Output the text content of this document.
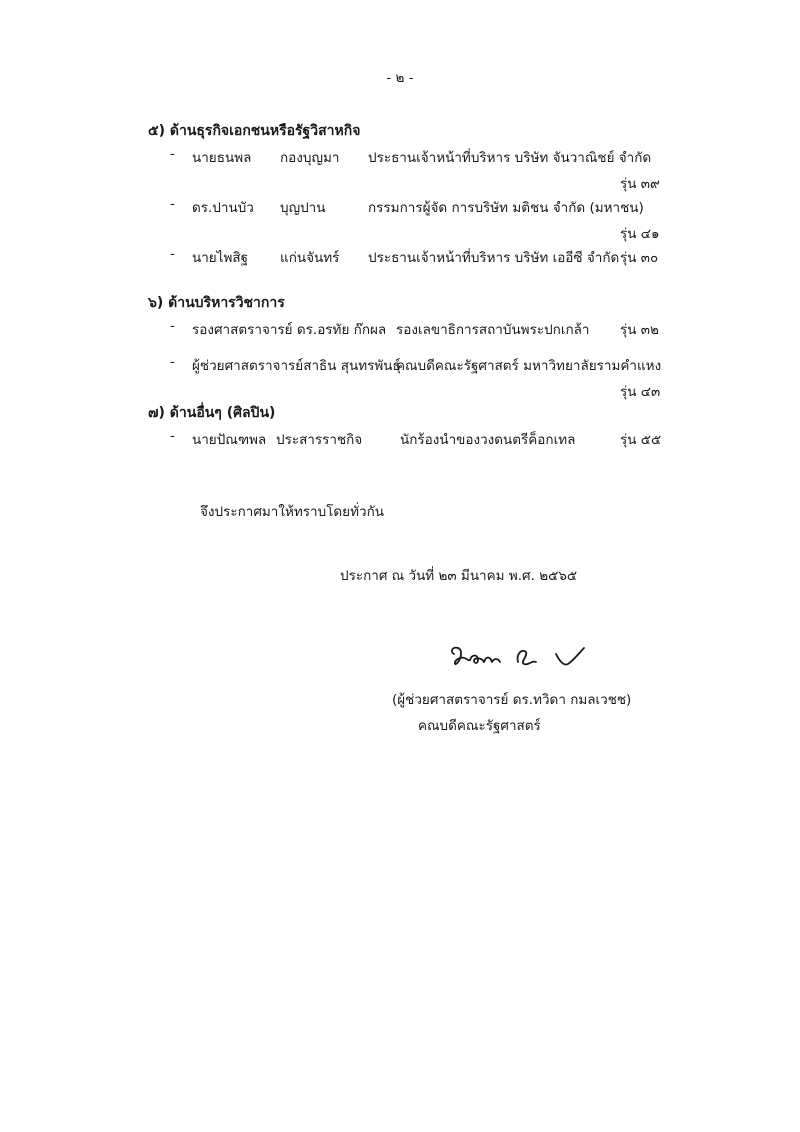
- ๒ -
๕) ด้านธุรกิจเอกชนหรือรัฐวิสาหกิจ
-	นายธนพล กองบุญมา ประธานเจ้าหน้าที่บริหาร บริษัท จันวาณิชย์ จำกัด
รุ่น ๓๙
-	ดร.ปานบัว บุญปาน	กรรมการผู้จัด การบริษัท มติชน จำกัด (มหาชน)
รุ่น ๔๑
-	นายไพสิฐ แก่นจันทร์ ประธานเจ้าหน้าที่บริหาร บริษัท เออีซี จำกัด รุ่น ๓๐
๖) ด้านบริหารวิชาการ
-	รองศาสตราจารย์ ดร.อรทัย ก๊กผล รองเลขาธิการสถาบันพระปกเกล้า รุ่น ๓๒
-	ผู้ช่วยศาสตราจารย์สาธิน สุนทรพันธุ์
คณบดีคณะรัฐศาสตร์ มหาวิทยาลัยรามคำแหง
รุ่น ๔๓
๗) ด้านอื่นๆ (ศิลปิน)
-	นายปัณฑพล ประสารราชกิจ	นักร้องนำของวงดนตรีค็อกเทล	รุ่น ๕๕
จึงประกาศมาให้ทราบโดยทั่วกัน
ประกาศ ณ วันที่ ๒๓ มีนาคม พ.ศ. ๒๕๖๕
(ผู้ช่วยศาสตราจารย์ ดร.ทวิดา กมลเวชช)
คณบดีคณะรัฐศาสตร์
